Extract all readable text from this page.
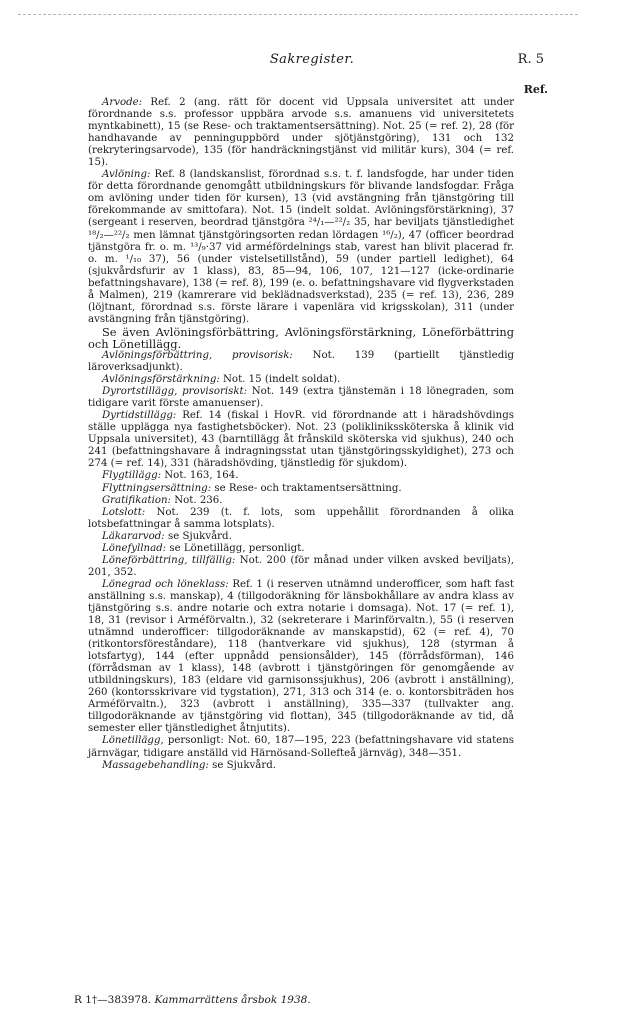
Sakregister.	R. 5
Ref.

Arvode: Ref. 2 (ang. rätt för docent vid Uppsala universitet att under förordnande s.s. professor uppbära arvode s.s. amanuens vid universitetets myntkabinett), 15 (se Rese- och traktamentsersättning). Not. 25 (= ref. 2), 28 (för handhavande av penninguppbörd under sjötjänstgöring), 131 och 132 (rekryteringsarvode), 135 (för handräckningstjänst vid militär kurs), 304 (= ref. 15).

Avlöning: Ref. 8 (landskanslist, förordnad s.s. t. f. landsfogde, har under tiden för detta förordnande genomgått utbildningskurs för blivande landsfogdar. Fråga om avlöning under tiden för kursen), 13 (vid avstängning från tjänstgöring till förekommande av smittofara). Not. 15 (indelt soldat. Avlöningsförstärkning), 37 (sergeant i reserven, beordrad tjänstgöra ²⁴/₁—²²/₂ 35, har beviljats tjänstledighet ¹⁸/₂—²²/₂ men lämnat tjänstgöringsorten redan lördagen ¹⁶/₂), 47 (officer beordrad tjänstgöra fr. o. m. ¹³/₉·37 vid arméfördelnings stab, varest han blivit placerad fr. o. m. ¹/₁₀ 37), 56 (under vistelsetillstånd), 59 (under partiell ledighet), 64 (sjukvårdsfurir av 1 klass), 83, 85—94, 106, 107, 121—127 (icke-ordinarie befattningshavare), 138 (= ref. 8), 199 (e. o. befattningshavare vid flygverkstaden å Malmen), 219 (kamrerare vid beklädnadsverkstad), 235 (= ref. 13), 236, 289 (löjtnant, förordnad s.s. förste lärare i vapenlära vid krigsskolan), 311 (under avstängning från tjänstgöring).

Se även Avlöningsförbättring, Avlöningsförstärkning, Löneförbättring och Lönetillägg.

Avlöningsförbättring, provisorisk: Not. 139 (partiellt tjänstledig läroverksadjunkt).

Avlöningsförstärkning: Not. 15 (indelt soldat).

Dyrortstillägg, provisoriskt: Not. 149 (extra tjänstemän i 18 lönegraden, som tidigare varit förste amanuenser).

Dyrtidstillägg: Ref. 14 (fiskal i HovR. vid förordnande att i häradshövdings ställe upplägga nya fastighetsböcker). Not. 23 (poliklinikssköterska å klinik vid Uppsala universitet), 43 (barntillägg åt frånskild sköterska vid sjukhus), 240 och 241 (befattningshavare å indragningsstat utan tjänstgöringsskyldighet), 273 och 274 (= ref. 14), 331 (häradshövding, tjänstledig för sjukdom).

Flygtillägg: Not. 163, 164.

Flyttningsersättning: se Rese- och traktamentsersättning.

Gratifikation: Not. 236.

Lotslott: Not. 239 (t. f. lots, som uppehållit förordnanden å olika lotsbefattningar å samma lotsplats).

Läkararvod: se Sjukvård.

Lönefyllnad: se Lönetillägg, personligt.

Löneförbättring, tillfällig: Not. 200 (för månad under vilken avsked beviljats), 201, 352.

Lönegrad och löneklass: Ref. 1 (i reserven utnämnd underofficer, som haft fast anställning s.s. manskap), 4 (tillgodoräkning för länsbokhållare av andra klass av tjänstgöring s.s. andre notarie och extra notarie i domsaga). Not. 17 (= ref. 1), 18, 31 (revisor i Arméförvaltn.), 32 (sekreterare i Marinförvaltn.), 55 (i reserven utnämnd underofficer: tillgodoräknande av manskapstid), 62 (= ref. 4), 70 (ritkontorsföreståndare), 118 (hantverkare vid sjukhus), 128 (styrman å lotsfartyg), 144 (efter uppnådd pensionsålder), 145 (förrådsförman), 146 (förrådsman av 1 klass), 148 (avbrott i tjänstgöringen för genomgående av utbildningskurs), 183 (eldare vid garnisonssjukhus), 206 (avbrott i anställning), 260 (kontorsskrivare vid tygstation), 271, 313 och 314 (e. o. kontorsbiträden hos Arméförvaltn.), 323 (avbrott i anställning), 335—337 (tullvakter ang. tillgodoräknande av tjänstgöring vid flottan), 345 (tillgodoräknande av tid, då semester eller tjänstledighet åtnjutits).

Lönetillägg, personligt: Not. 60, 187—195, 223 (befattningshavare vid statens järnvägar, tidigare anställd vid Härnösand-Sollefteå järnväg), 348—351.

Massagebehandling: se Sjukvård.

R 1†—383978. Kammarrättens årsbok 1938.
